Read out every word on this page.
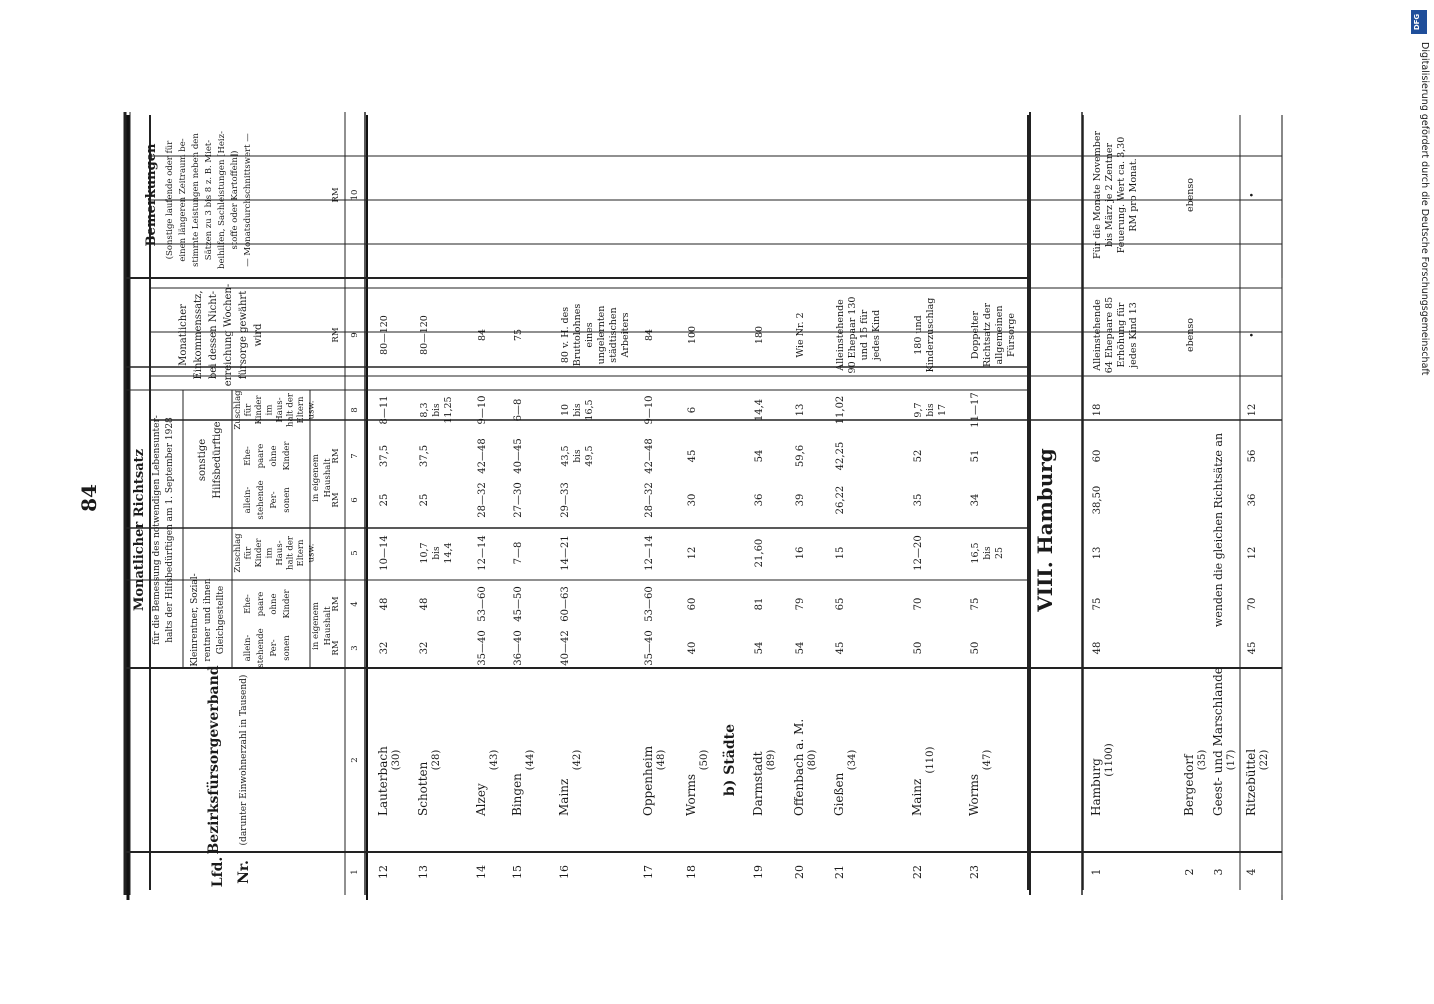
84
Lfd. Nr.
Bezirksfürsorgeverband (darunter Einwohnerzahl in Tausend)
Monatlicher Richtsatz für die Bemessung des notwendigen Lebensunter- halts der Hilfsbedürftigen am 1. September 1928 Kleinrentner, Sozial- rentner und ihnen Gleichgestellte
sonstige Hilfsbedürftige
allein- stehende Per- sonen
Ehe- paare ohne Kinder
Zuschlag für Kinder im Haus- halt der Eltern usw.
allein- stehende Per- sonen
Ehe- paare ohne Kinder
Zuschlag für Kinder im Haus- halt der Eltern usw.
in eigenem Haushalt
in eigenem Haushalt
RM
RM
RM
RM
Monatlicher Einkommenssatz, bei dessen Nicht- erreichung Wochen- fürsorge gewährt wird	RM
Bemerkungen (Sonstige laufende oder für einen längeren Zeitraum be- stimmte Leistungen neben den Sätzen zu 3 bis 8 z. B. Miet- beihilfen, Sachleistungen [Heiz- stoffe oder Kartoffeln]) — Monatsdurchschnittswert —	RM
1
2
3
4
5
6
7
8
9
10
12
Lauterbach (30)
32
48
10—14
25
37,5
8—11
80—120
13
Schotten
(28)
32
48
10,7 bis 14,4
25
37,5
8,3 bis 11,25
80—120
14
Alzey
(43)
35—40
53—60
12—14
28—32
42—48
9—10
84
15
Bingen
(44)
36—40
45—50
7—8
27—30
40—45
6—8
75
16
Mainz
(42)
40—42
60—63
14—21
29—33
43,5 bis 49,5
10 bis 16,5
80 v. H. des Bruttolohnes eines ungelernten städtischen Arbeiters
17
Oppenheim (48)
35—40
53—60
12—14
28—32
42—48
9—10
84
18
Worms
(50)
40
60
12
30
45
6
100
19
Darmstadt (89)
54
81
21,60
36
54
14,4
180
20
Offenbach a. M. (80)
54
79
16
39
59,6
13
Wie Nr. 2
21
Gießen
(34)
45
65
15
26,22
42,25
11,02
Alleinstehende 90 Ehepaar 130 und 15 für jedes Kind
22
Mainz
(110)
50
70
12—20
35
52
9,7 bis 17
180 und Kinderzuschlag
23
Worms
(47)
50
75
16,5 bis 25
34
51
11—17
Doppelter Richtsatz der allgemeinen Fürsorge
b) Städte
VIII. Hamburg
1
Hamburg (1100)
48
75
13
38,50
60
18
Alleinstehende 64 Ehepaare 85 Erhöhung für jedes Kind 13
Für die Monate November bis März je 2 Zentner Feuerung. Wert ca. 3,30 RM pro Monat.
2
Bergedorf (35)
ebenso
ebenso
3
Geest- und Marschlande (17)
wenden die gleichen Richtsätze an
4
Ritzebüttel (22)
45
70
12
36
56
12
•
•
DFG
Digitalisierung gefördert durch die Deutsche Forschungsgemeinschaft
